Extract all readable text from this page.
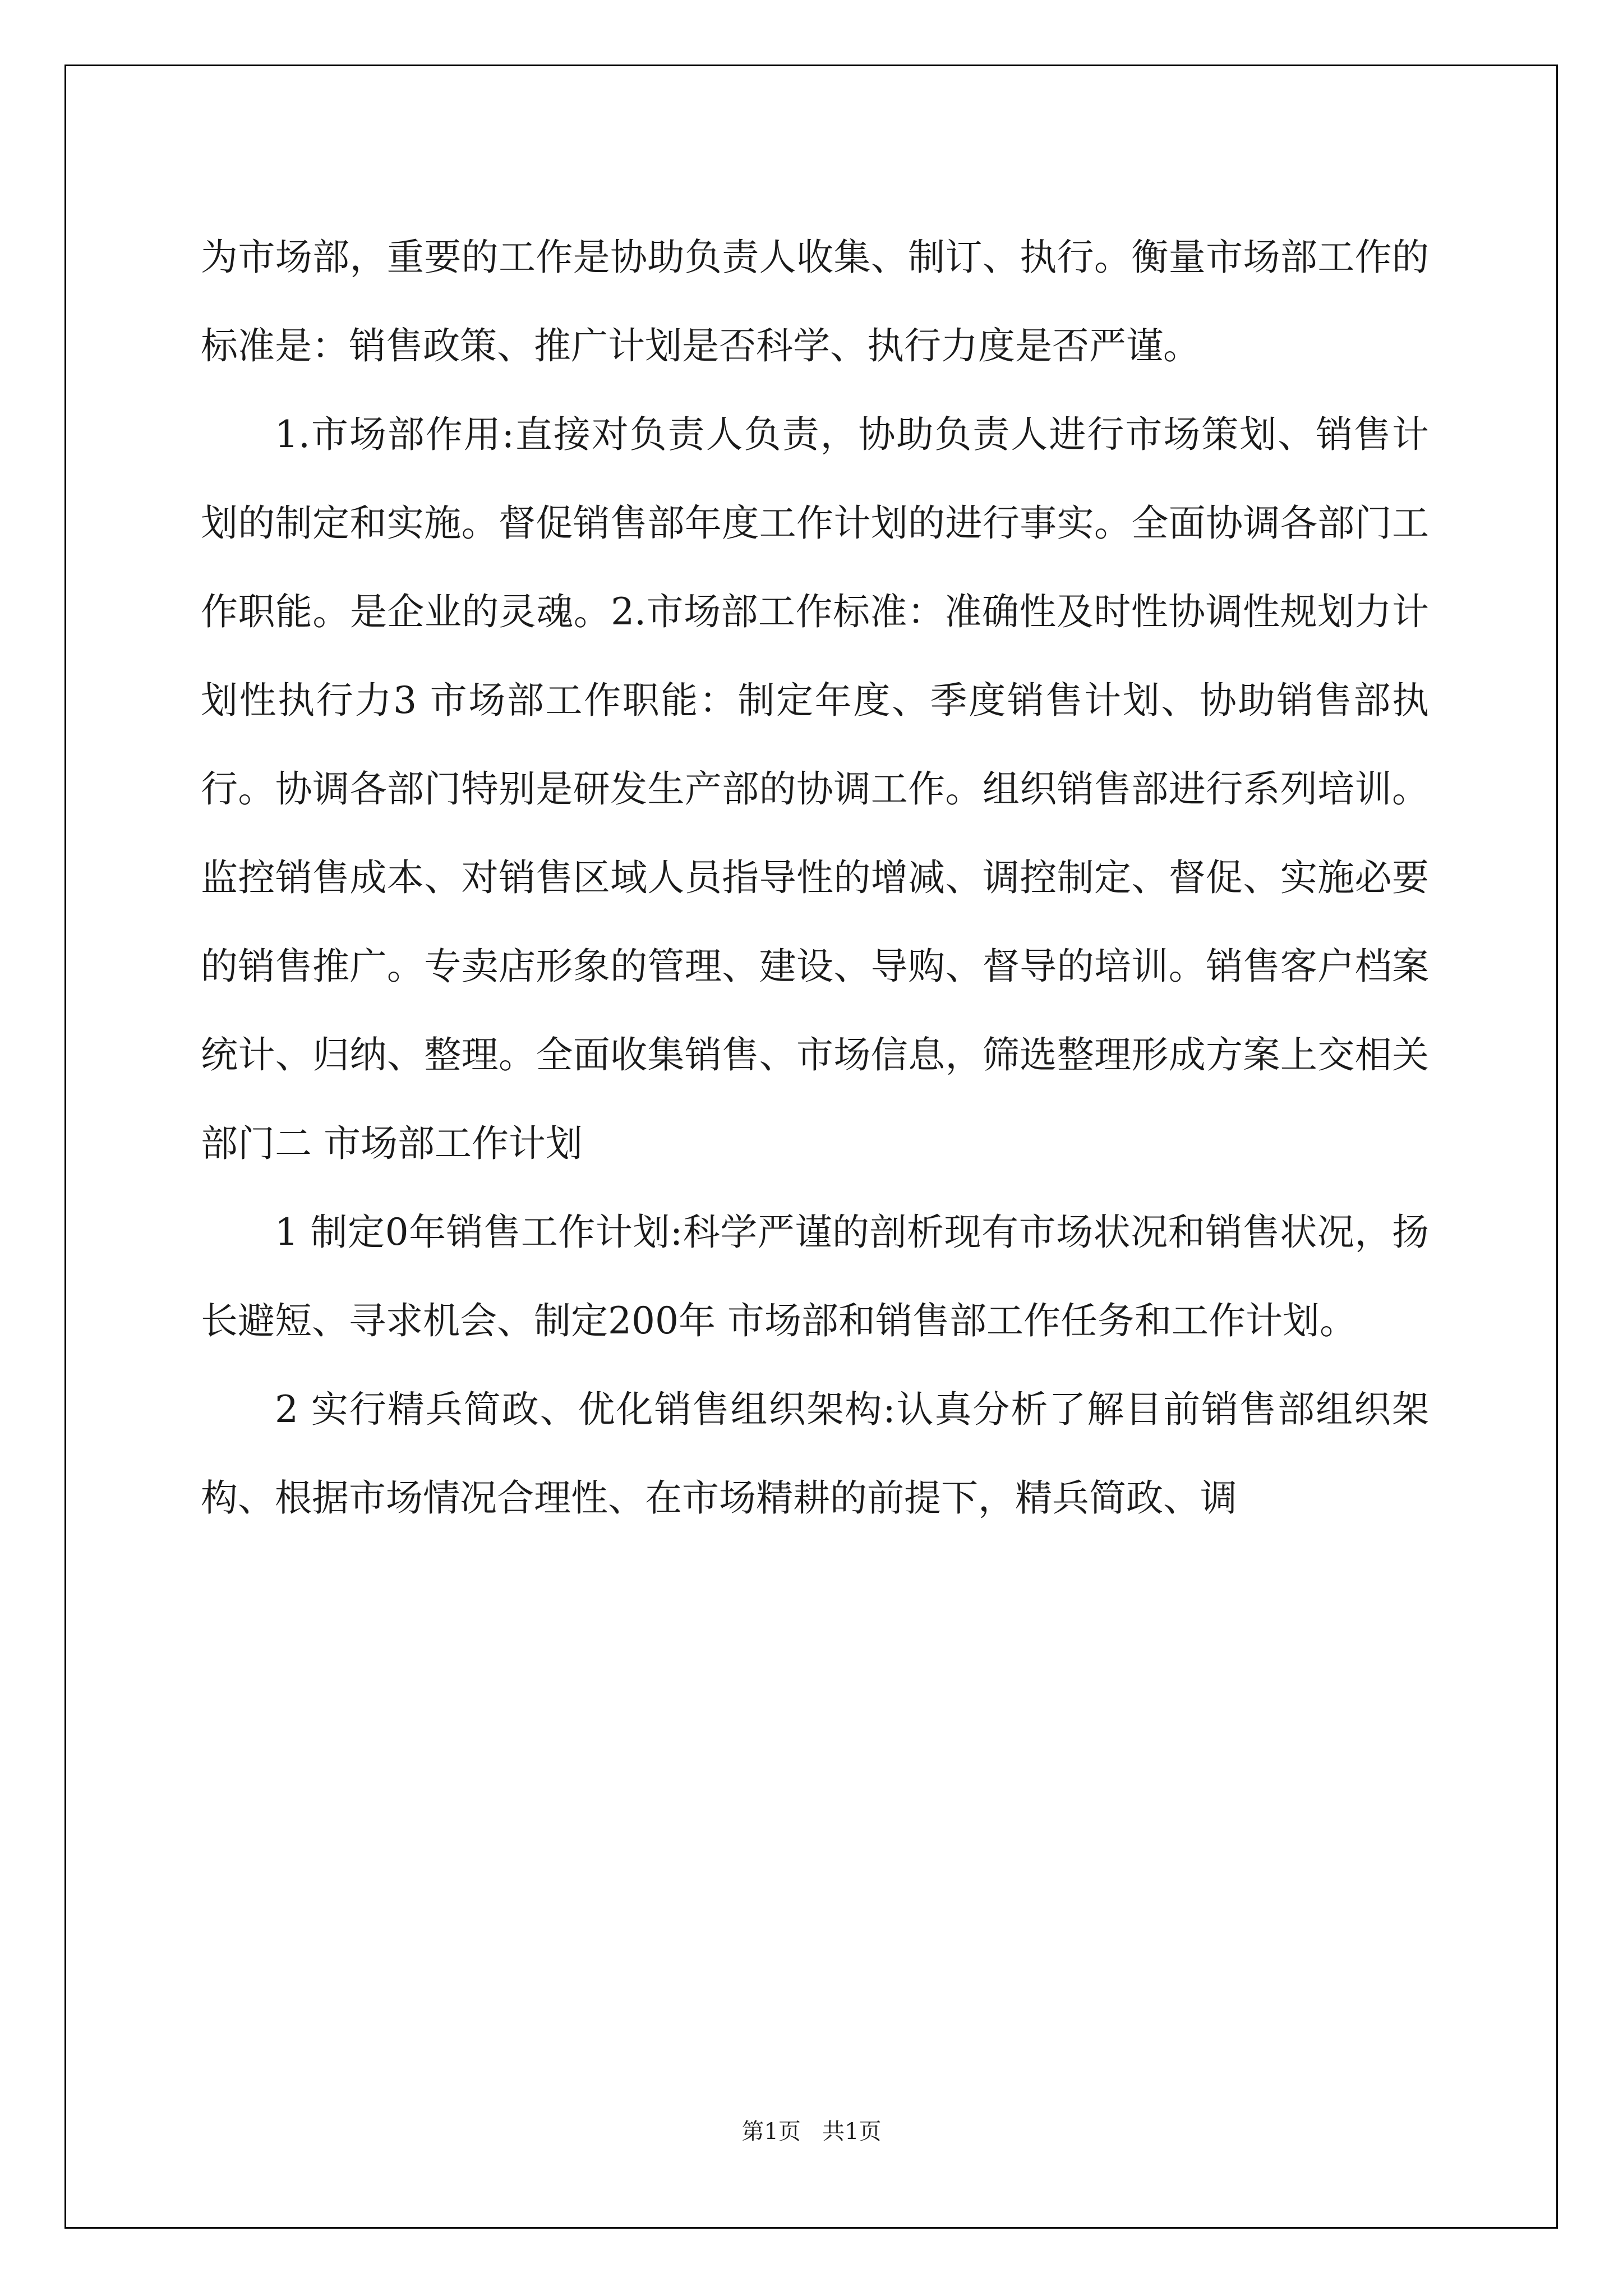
为市场部，重要的工作是协助负责人收集、制订、执行。衡量市场部工作的标准是：销售政策、推广计划是否科学、执行力度是否严谨。

1.市场部作用:直接对负责人负责，协助负责人进行市场策划、销售计划的制定和实施。督促销售部年度工作计划的进行事实。全面协调各部门工作职能。是企业的灵魂。2.市场部工作标准：准确性及时性协调性规划力计划性执行力3 市场部工作职能：制定年度、季度销售计划、协助销售部执行。协调各部门特别是研发生产部的协调工作。组织销售部进行系列培训。监控销售成本、对销售区域人员指导性的增减、调控制定、督促、实施必要的销售推广。专卖店形象的管理、建设、导购、督导的培训。销售客户档案统计、归纳、整理。全面收集销售、市场信息，筛选整理形成方案上交相关部门二 市场部工作计划

1 制定0年销售工作计划:科学严谨的剖析现有市场状况和销售状况，扬长避短、寻求机会、制定200年 市场部和销售部工作任务和工作计划。

2 实行精兵简政、优化销售组织架构:认真分析了解目前销售部组织架构、根据市场情况合理性、在市场精耕的前提下，精兵简政、调

第1页 共1页
